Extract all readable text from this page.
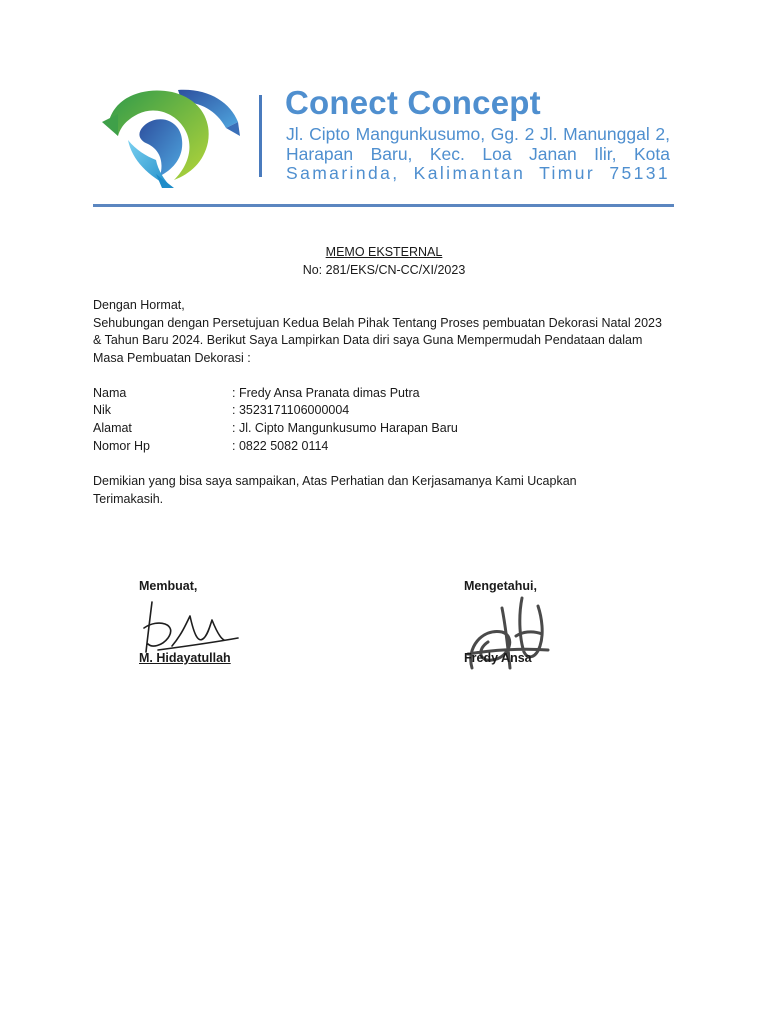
Conect Concept
Jl. Cipto Mangunkusumo, Gg. 2 Jl. Manunggal 2,
Harapan Baru, Kec. Loa Janan Ilir, Kota
Samarinda, Kalimantan Timur 75131
MEMO EKSTERNAL
No: 281/EKS/CN-CC/XI/2023
Dengan Hormat,
Sehubungan dengan Persetujuan Kedua Belah Pihak Tentang Proses pembuatan Dekorasi Natal 2023
& Tahun Baru 2024. Berikut Saya Lampirkan Data diri saya Guna Mempermudah Pendataan dalam
Masa Pembuatan Dekorasi :
Nama	: Fredy Ansa Pranata dimas Putra
Nik	: 3523171106000004
Alamat	: Jl. Cipto Mangunkusumo Harapan Baru
Nomor Hp	: 0822 5082 0114
Demikian yang bisa saya sampaikan, Atas Perhatian dan Kerjasamanya Kami Ucapkan
Terimakasih.
Membuat,	Mengetahui,
M. Hidayatullah	Fredy Ansa
